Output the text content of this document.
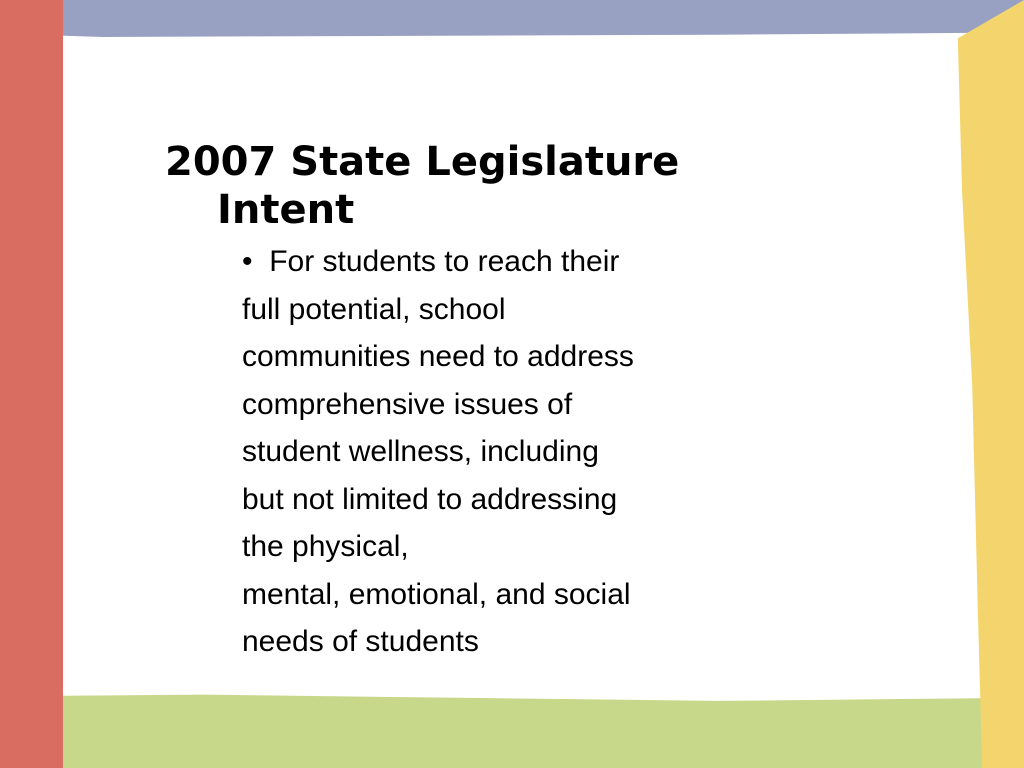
2007 State Legislature
Intent
• For students to reach their
full potential, school
communities need to address
comprehensive issues of
student wellness, including
but not limited to addressing
the physical,
mental, emotional, and social
needs of students
